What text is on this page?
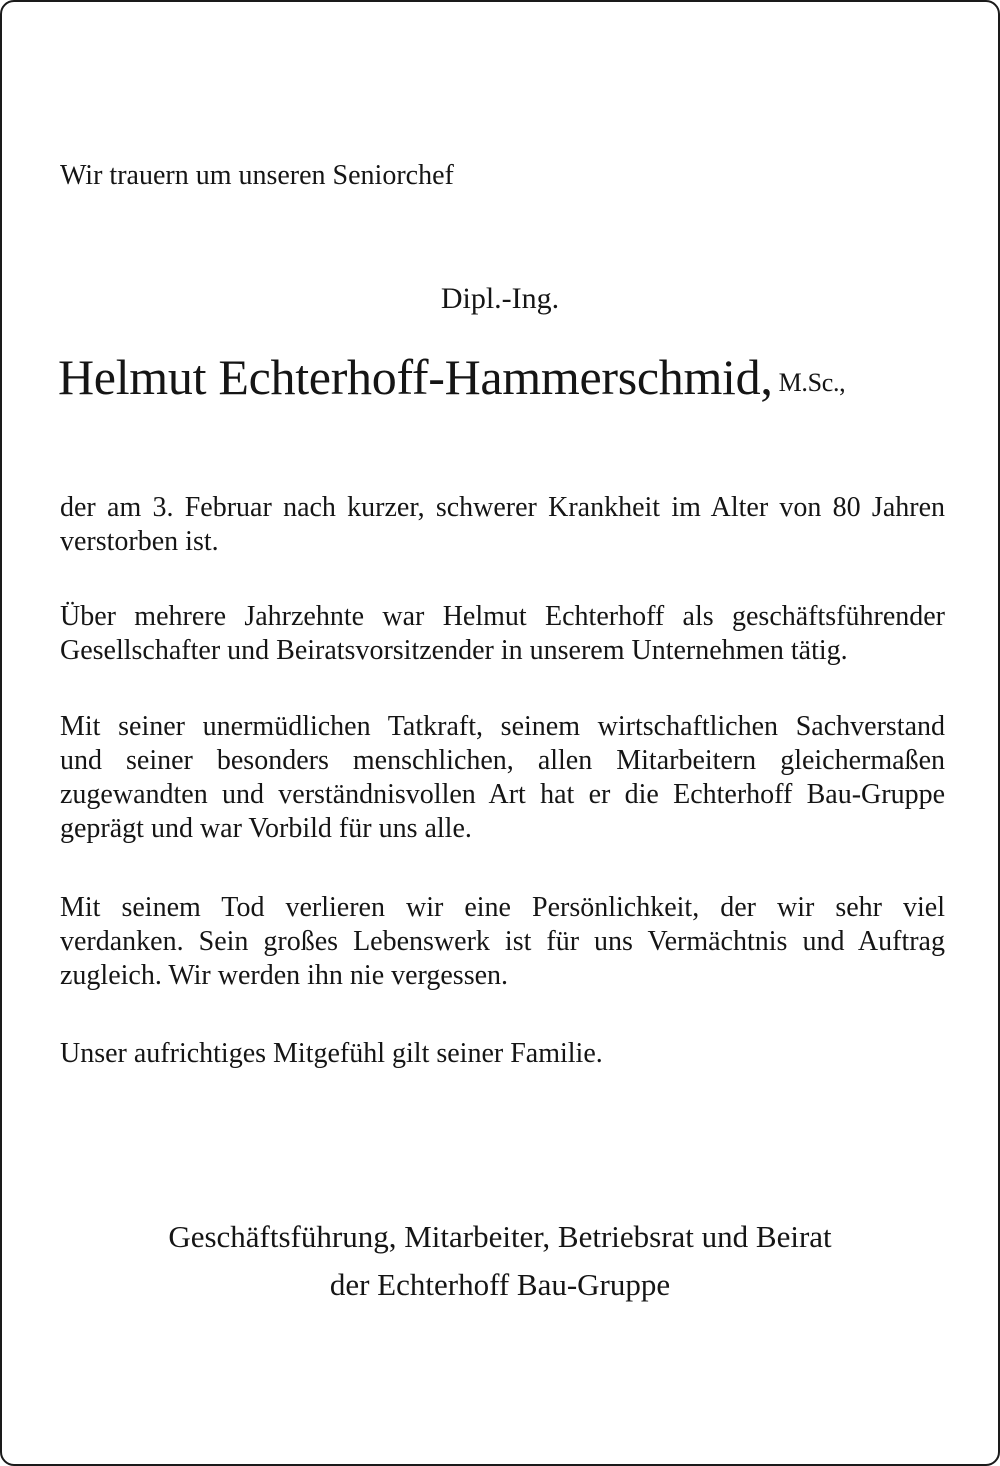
Wir trauern um unseren Seniorchef

Dipl.-Ing.

Helmut Echterhoff-Hammerschmid, M.Sc.,

der am 3. Februar nach kurzer, schwerer Krankheit im Alter von 80 Jahren
verstorben ist.
Über mehrere Jahrzehnte war Helmut Echterhoff als geschäftsführender
Gesellschafter und Beiratsvorsitzender in unserem Unternehmen tätig.
Mit seiner unermüdlichen Tatkraft, seinem wirtschaftlichen Sachverstand
und seiner besonders menschlichen, allen Mitarbeitern gleichermaßen
zugewandten und verständnisvollen Art hat er die Echterhoff Bau-Gruppe
geprägt und war Vorbild für uns alle.
Mit seinem Tod verlieren wir eine Persönlichkeit, der wir sehr viel
verdanken. Sein großes Lebenswerk ist für uns Vermächtnis und Auftrag
zugleich. Wir werden ihn nie vergessen.
Unser aufrichtiges Mitgefühl gilt seiner Familie.

Geschäftsführung, Mitarbeiter, Betriebsrat und Beirat

der Echterhoff Bau-Gruppe
